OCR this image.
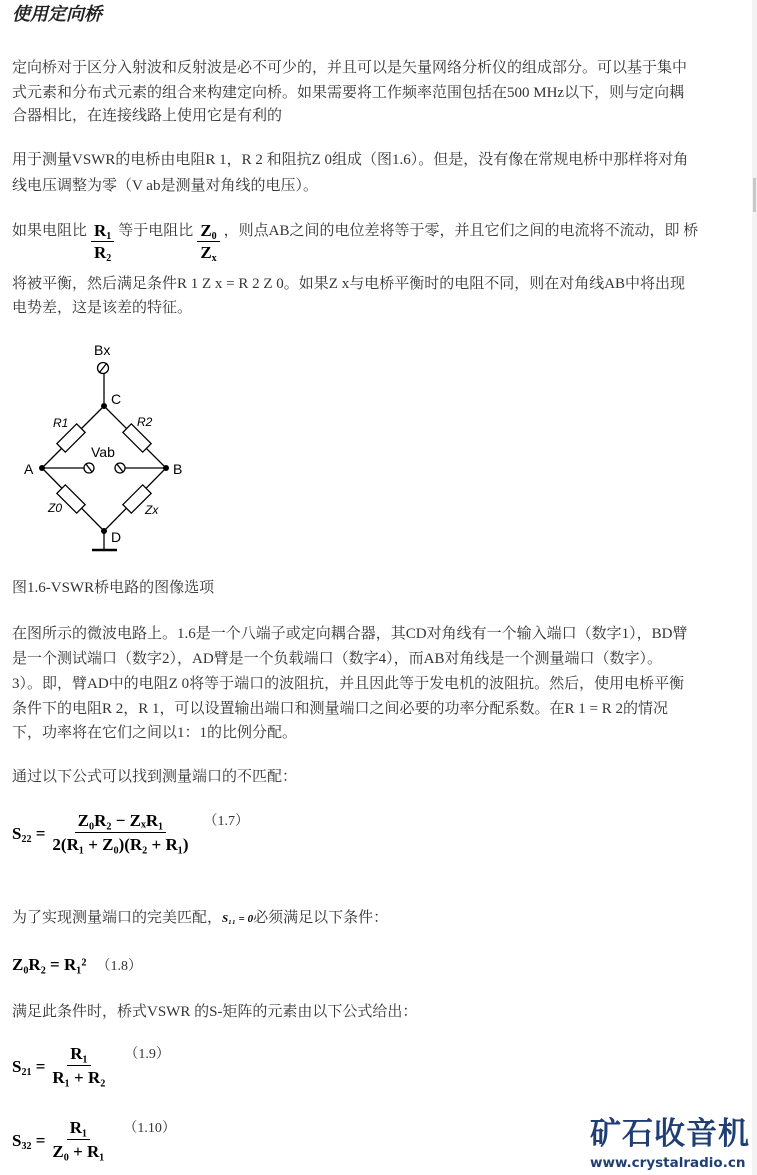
使用定向桥
定向桥对于区分入射波和反射波是必不可少的，并且可以是矢量网络分析仪的组成部分。可以基于集中
式元素和分布式元素的组合来构建定向桥。如果需要将工作频率范围包括在500 MHz以下，则与定向耦
合器相比，在连接线路上使用它是有利的
用于测量VSWR的电桥由电阻R 1，R 2 和阻抗Z 0组成（图1.6）。但是，没有像在常规电桥中那样将对角
线电压调整为零（V ab是测量对角线的电压）。
如果电阻比 $\frac{R_1}{R_2}$ 等于电阻比 $\frac{Z_0}{Z_x}$ ，则点AB之间的电位差将等于零，并且它们之间的电流将不流动，即 桥
将被平衡，然后满足条件R 1 Z x = R 2 Z 0。如果Z x与电桥平衡时的电阻不同，则在对角线AB中将出现
电势差，这是该差的特征。
Bx
C
A	B
D
Vab
R1	R2
Z0	Zx
图1.6-VSWR桥电路的图像选项
在图所示的微波电路上。1.6是一个八端子或定向耦合器，其CD对角线有一个输入端口（数字1），BD臂
是一个测试端口（数字2），AD臂是一个负载端口（数字4），而AB对角线是一个测量端口（数字）。
3）。即，臂AD中的电阻Z 0将等于端口的波阻抗，并且因此等于发电机的波阻抗。然后，使用电桥平衡
条件下的电阻R 2，R 1，可以设置输出端口和测量端口之间必要的功率分配系数。在R 1 = R 2的情况
下，功率将在它们之间以1：1的比例分配。
通过以下公式可以找到测量端口的不匹配：
$S_{22} = \frac{\text{Z₀R₂ − ZₓR₁}}{\text{2(R₁ + Z₀)(R₂ + R₁)}} (1.7)$
为了实现测量端口的完美匹配，S₁₁ = 0必须满足以下条件：
Z₀R₂ = R₁² （1.8）
满足此条件时，桥式VSWR 的S-矩阵的元素由以下公式给出：
$S_{21} = \frac{\text{R₁}}{\text{R₁ + R₂}} (1.9)$
$S_{32} = \frac{\text{R₁}}{\text{Z₀ + R₁}} (1.10)$	矿石收音机
www.crystalradio.cn
